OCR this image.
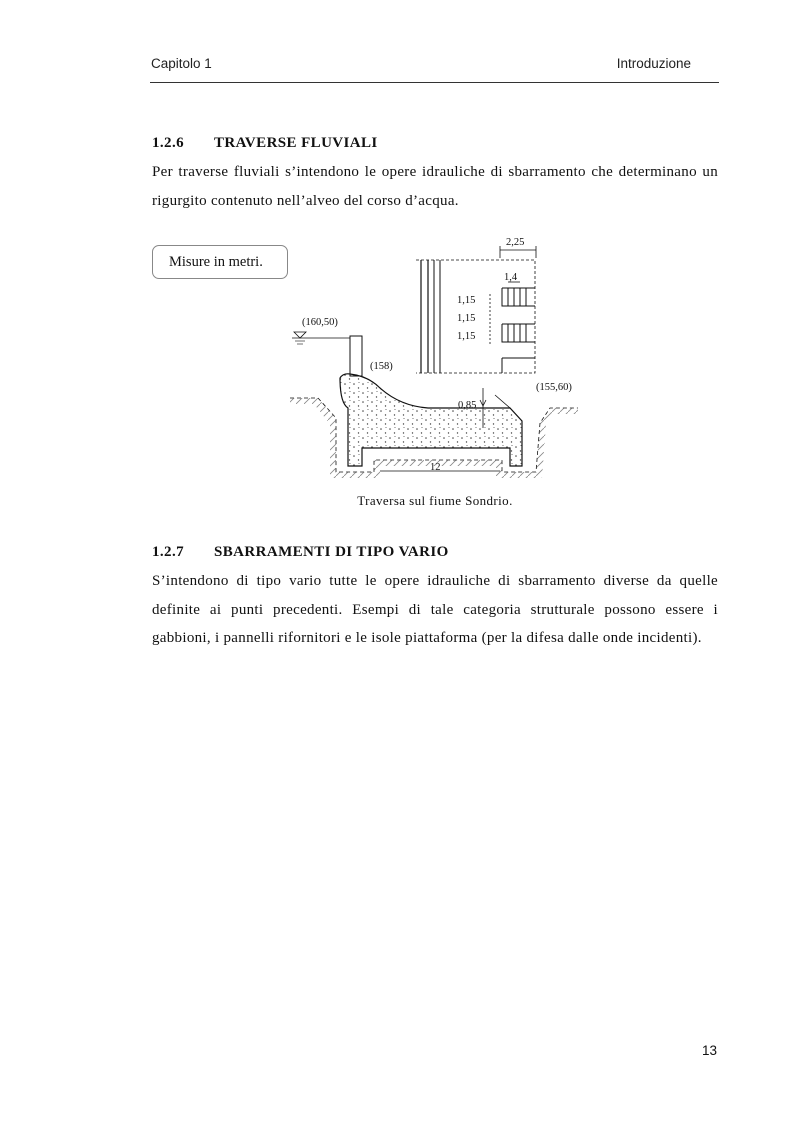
Capitolo 1	Introduzione
1.2.6 TRAVERSE FLUVIALI

Per traverse fluviali s’intendono le opere idrauliche di sbarramento che determinano un rigurgito contenuto nell’alveo del corso d’acqua.

Misure in metri.
2,25
1,4
1,15
1,15
1,15
(160,50)
(158)
(155,60)
0,85
12
Traversa sul fiume Sondrio.
1.2.7 SBARRAMENTI DI TIPO VARIO

S’intendono di tipo vario tutte le opere idrauliche di sbarramento diverse da quelle definite ai punti precedenti. Esempi di tale categoria strutturale possono essere i gabbioni, i pannelli rifornitori e le isole piattaforma (per la difesa dalle onde incidenti).

13
